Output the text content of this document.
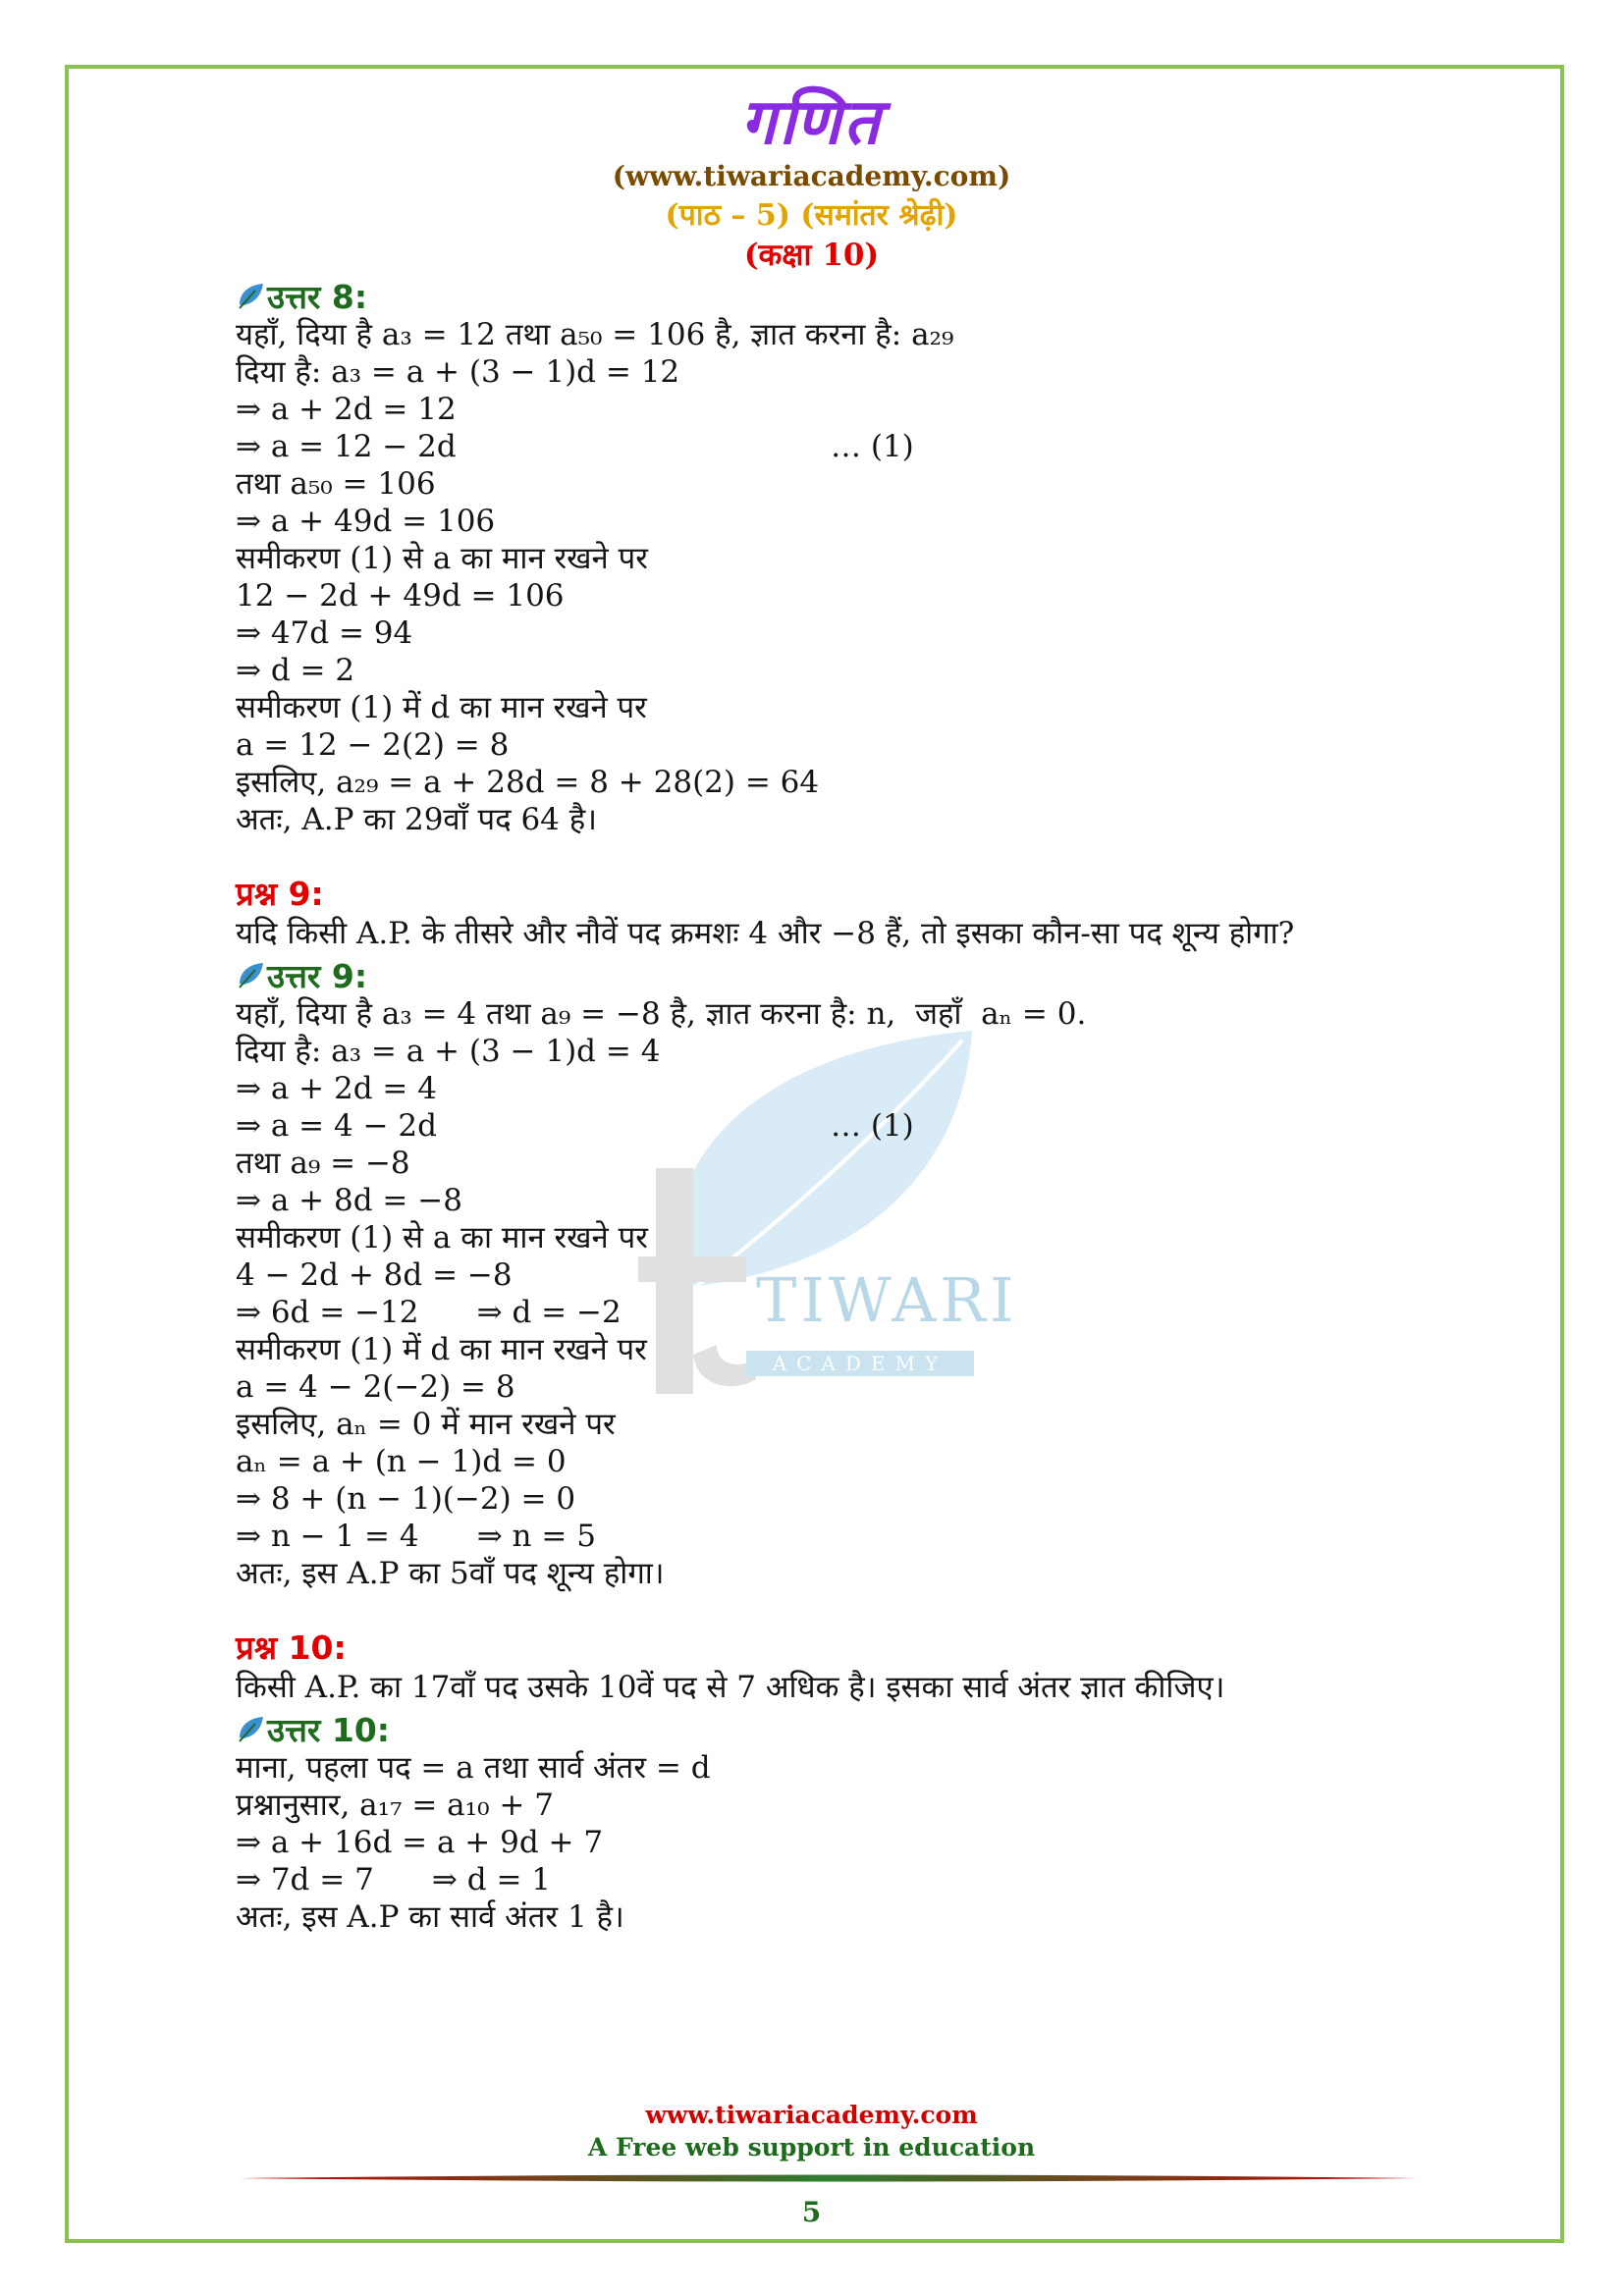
गणित
(www.tiwariacademy.com)
(पाठ – 5) (समांतर श्रेढ़ी)
(कक्षा 10)
TIWARI
ACADEMY
उत्तर 8:
यहाँ, दिया है a₃ = 12 तथा a₅₀ = 106 है, ज्ञात करना है: a₂₉
दिया है: a₃ = a + (3 − 1)d = 12
⇒ a + 2d = 12
⇒ a = 12 − 2d	… (1)
तथा a₅₀ = 106
⇒ a + 49d = 106
समीकरण (1) से a का मान रखने पर
12 − 2d + 49d = 106
⇒ 47d = 94
⇒ d = 2
समीकरण (1) में d का मान रखने पर
a = 12 − 2(2) = 8
इसलिए, a₂₉ = a + 28d = 8 + 28(2) = 64
अतः, A.P का 29वाँ पद 64 है।
प्रश्न 9:
यदि किसी A.P. के तीसरे और नौवें पद क्रमशः 4 और −8 हैं, तो इसका कौन-सा पद शून्य होगा?
उत्तर 9:
यहाँ, दिया है a₃ = 4 तथा a₉ = −8 है, ज्ञात करना है: n,  जहाँ  aₙ = 0.
दिया है: a₃ = a + (3 − 1)d = 4
⇒ a + 2d = 4
⇒ a = 4 − 2d	… (1)
तथा a₉ = −8
⇒ a + 8d = −8
समीकरण (1) से a का मान रखने पर
4 − 2d + 8d = −8
⇒ 6d = −12      ⇒ d = −2
समीकरण (1) में d का मान रखने पर
a = 4 − 2(−2) = 8
इसलिए, aₙ = 0 में मान रखने पर
aₙ = a + (n − 1)d = 0
⇒ 8 + (n − 1)(−2) = 0
⇒ n − 1 = 4      ⇒ n = 5
अतः, इस A.P का 5वाँ पद शून्य होगा।
प्रश्न 10:
किसी A.P. का 17वाँ पद उसके 10वें पद से 7 अधिक है। इसका सार्व अंतर ज्ञात कीजिए।
उत्तर 10:
माना, पहला पद = a तथा सार्व अंतर = d
प्रश्नानुसार, a₁₇ = a₁₀ + 7
⇒ a + 16d = a + 9d + 7
⇒ 7d = 7      ⇒ d = 1
अतः, इस A.P का सार्व अंतर 1 है।
www.tiwariacademy.com
A Free web support in education
5
